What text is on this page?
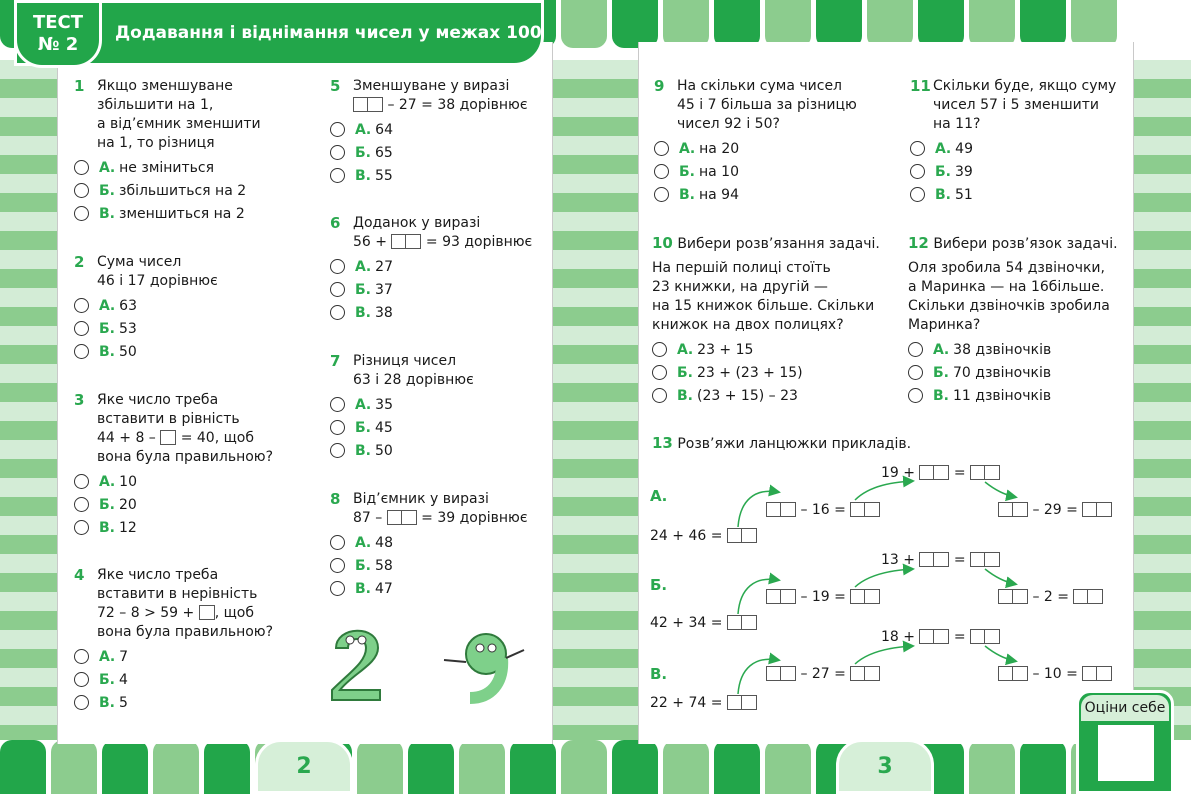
ТЕСТ
№ 2
Додавання і віднімання чисел у межах 100
1 Якщо зменшуване
збільшити на 1,
а від’ємник зменшити
на 1, то різниця
А. не зміниться
Б. збільшиться на 2
В. зменшиться на 2
2 Сума чисел
46 і 17 дорівнює
А. 63
Б. 53
В. 50
3 Яке число треба
вставити в рівність
44 + 8 –  = 40, щоб
вона була правильною?
А. 10
Б. 20
В. 12
4 Яке число треба
вставити в нерівність
72 – 8 > 59 + , щоб
вона була правильною?
А. 7
Б. 4
В. 5
5 Зменшуване у виразі
– 27 = 38 дорівнює
А. 64
Б. 65
В. 55
6 Доданок у виразі
56 +  = 93 дорівнює
А. 27
Б. 37
В. 38
7 Різниця чисел
63 і 28 дорівнює
А. 35
Б. 45
В. 50
8 Від’ємник у виразі
87 –  = 39 дорівнює
А. 48
Б. 58
В. 47
9 На скільки сума чисел
45 і 7 більша за різницю
чисел 92 і 50?
А. на 20
Б. на 10
В. на 94
11 Скільки буде, якщо суму
чисел 57 і 5 зменшити
на 11?
А. 49
Б. 39
В. 51
10 Вибери розв’язання задачі.
На першій полиці стоїть
23 книжки, на другій —
на 15 книжок більше. Скільки
книжок на двох полицях?
А. 23 + 15
Б. 23 + (23 + 15)
В. (23 + 15) – 23
12 Вибери розв’язок задачі.
Оля зробила 54 дзвіночки,
а Маринка — на 16більше.
Скільки дзвіночків зробила
Маринка?
А. 38 дзвіночків
Б. 70 дзвіночків
В. 11 дзвіночків
13 Розв’яжи ланцюжки прикладів.
А.
24 + 46 =
– 16 =
19 +	=
– 29 =
Б.
42 + 34 =
– 19 =
13 +	=
– 2 =
В.
22 + 74 =
– 27 =
18 +	=
– 10 =
2	3
Оціни себе
